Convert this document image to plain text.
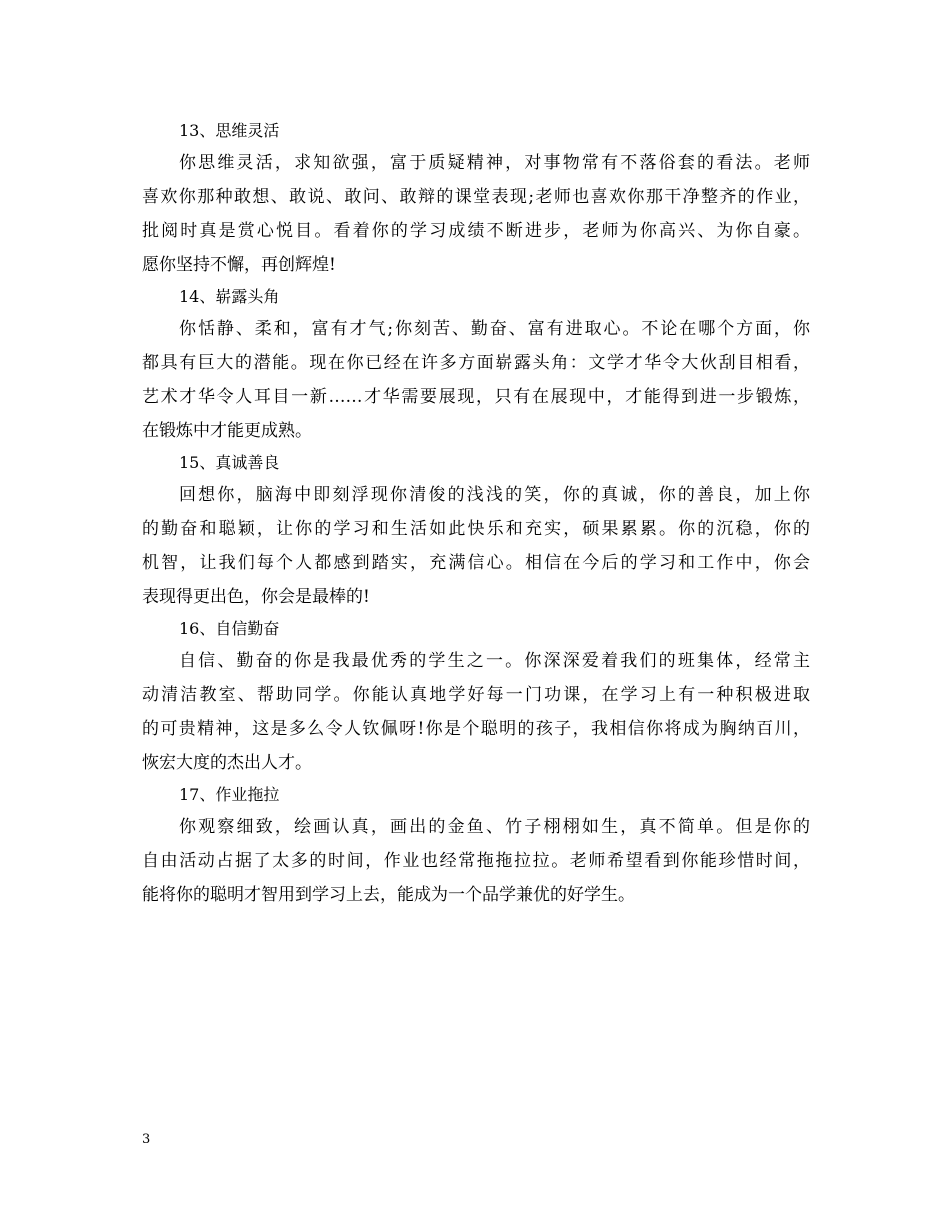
13、思维灵活

你思维灵活，求知欲强，富于质疑精神，对事物常有不落俗套的看法。老师
喜欢你那种敢想、敢说、敢问、敢辩的课堂表现;老师也喜欢你那干净整齐的作业，
批阅时真是赏心悦目。看着你的学习成绩不断进步，老师为你高兴、为你自豪。
愿你坚持不懈，再创辉煌!

14、崭露头角

你恬静、柔和，富有才气;你刻苦、勤奋、富有进取心。不论在哪个方面，你
都具有巨大的潜能。现在你已经在许多方面崭露头角：文学才华令大伙刮目相看，
艺术才华令人耳目一新……才华需要展现，只有在展现中，才能得到进一步锻炼，
在锻炼中才能更成熟。

15、真诚善良

回想你，脑海中即刻浮现你清俊的浅浅的笑，你的真诚，你的善良，加上你
的勤奋和聪颖，让你的学习和生活如此快乐和充实，硕果累累。你的沉稳，你的
机智，让我们每个人都感到踏实，充满信心。相信在今后的学习和工作中，你会
表现得更出色，你会是最棒的!

16、自信勤奋

自信、勤奋的你是我最优秀的学生之一。你深深爱着我们的班集体，经常主
动清洁教室、帮助同学。你能认真地学好每一门功课，在学习上有一种积极进取
的可贵精神，这是多么令人钦佩呀!你是个聪明的孩子，我相信你将成为胸纳百川，
恢宏大度的杰出人才。

17、作业拖拉

你观察细致，绘画认真，画出的金鱼、竹子栩栩如生，真不简单。但是你的
自由活动占据了太多的时间，作业也经常拖拖拉拉。老师希望看到你能珍惜时间，
能将你的聪明才智用到学习上去，能成为一个品学兼优的好学生。

3
